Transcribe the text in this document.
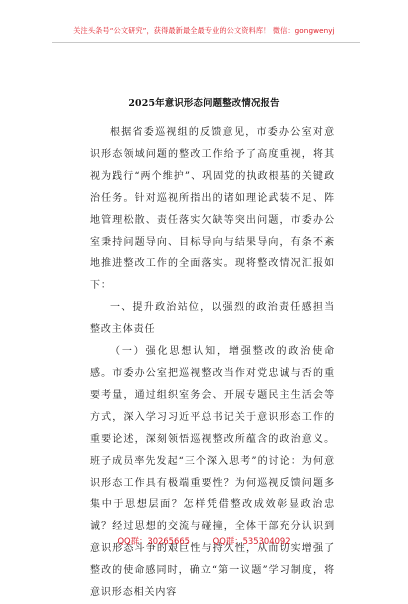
关注头条号“公文研究”，获得最新最全最专业的公文资料库！ 微信：gongwenyj
2025年意识形态问题整改情况报告

根据省委巡视组的反馈意见，市委办公室对意识形态领域问题的整改工作给予了高度重视，将其视为践行“两个维护”、巩固党的执政根基的关键政治任务。针对巡视所指出的诸如理论武装不足、阵地管理松散、责任落实欠缺等突出问题，市委办公室秉持问题导向、目标导向与结果导向，有条不紊地推进整改工作的全面落实。现将整改情况汇报如下：

一、提升政治站位，以强烈的政治责任感担当整改主体责任

（一）强化思想认知，增强整改的政治使命感。市委办公室把巡视整改当作对党忠诚与否的重要考量，通过组织室务会、开展专题民主生活会等方式，深入学习习近平总书记关于意识形态工作的重要论述，深刻领悟巡视整改所蕴含的政治意义。班子成员率先发起“三个深入思考”的讨论：为何意识形态工作具有极端重要性？为何巡视反馈问题多集中于思想层面？怎样凭借整改成效彰显政治忠诚？经过思想的交流与碰撞，全体干部充分认识到意识形态斗争的艰巨性与持久性，从而切实增强了整改的使命感同时，确立“第一议题”学习制度，将意识形态相关内容

QQ群：30265665	QQ群：535304092
